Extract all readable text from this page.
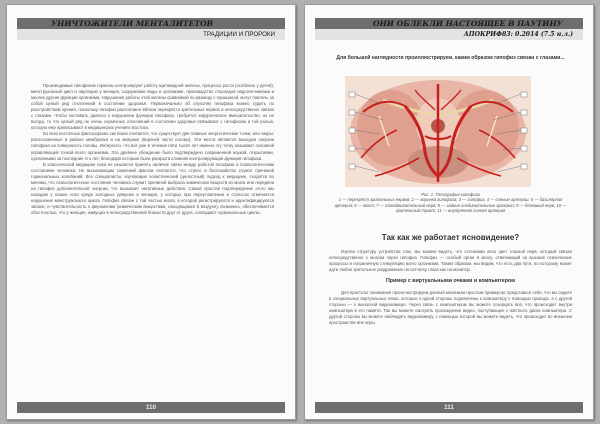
УНИЧТОЖИТЕЛИ МЕНТАЛИТЕТОВ
ТРАДИЦИИ И ПРОРОКИ

Производимые гипофизом гормоны контролируют работу щитовидной железы, процессы роста (особенно у детей), менструальный цикл и овуляцию у женщин, содержание воды в организме, производство стероидов надпочечниками и многие другие функции организма. Нарушения работы этой железы сравнимой по размеру с горошиной, могут повлечь за собой целый ряд отклонений в состоянии здоровья. Первоначально об опухолях гипофиза можно судить по расстройствам зрения, поскольку гипофиз расположен вблизи перекрёста зрительных нервов и непосредственно связан с глазами. Чтобы поставить диагноз о нарушении функции гипофиза, требуется хирургическое вмешательство, но не всегда, то что целый ряд не очень серьёзных отклонений в состоянии здоровья связывают с гипофизом и той ролью, которую ему приписывают в медицинских учениях Востока.

Во всех восточных философских системах считается, что существует две главных энергетические точки, или чакры: расположенные в районе межбровья и на макушке (верхней части головы). Эти места являются выходом энергии гипофиза на поверхность головы. Интересно, что вот уже в течение пяти тысяч лет именно эту точку называют основной управляющей точкой всего организма. Это древнее убеждение было подтверждено современной наукой, открытиями, сделанными за последние сто лет, благодаря которым была раскрыта сложная контролирующая функция гипофиза.

В классической медицине пока не решается принять наличие связи между работой гипофиза и психологическим состоянием человека. Не вызывающим сомнений фактом считается, что стресс и беспокойство служат причиной гормональных колебаний. Все специалисты, изучающие холистический (целостный) подход к медицине, сходятся во мнении, что психологическое состояние человека служит причиной выброса химических веществ из мозга или передачи на гипофиз дополнительной энергии, что вызывает негативные действия. Самой простой подтверждение этого мы находим у наших ноги среди холодных девушек и женщин, у которых при переутомлении и стрессах отмечается нарушение менструального цикла. Гипофиз связан с той частью мозга, в которой регистрируются и идентифицируются запахи, и чувствительность к феромонам (химическим веществам, находящимся в воздухе), возможно, обеспечивается обостностью, что у женщин, живущих в непосредственной близости друг от друга, совпадают гормональные циклы.

110
ОНИ ОБЛЕКЛИ НАСТОЯЩЕЕ В ПАУТИНУ
АПОКРИФ83: 0.2014 (7.5 н.л.)

Для большей наглядности проиллюстрируем, каким образом гипофиз связан с глазами...

Рис. 1. Топография гипофиза

1 — перекрёст зрительных нервов; 2 — воронка гипофиза; 3 — гипофиз; 4 — сонные артерии; 5 — базилярная артерия; 6 — мост; 7 — глазодвигательный нерв; 8 — задние соединительные артерии; 9 — блоковый нерв; 10 — зрительный тракт; 11 — внутренняя сонная артерия

Так как же работает ясновидение?

Изучая структуру устройства глаз, мы можем видеть, что оттенками ясно цвет глазной нерв, который связан непосредственно с мозгом через гипофиз. Гипофиз — особый орган в мозгу, отвечающий за высшие психические процессы и пограничную стимуляцию всего организма. Таким образом, мы видим, что есть два пути, по которому может идти любое зрительное раздражение на сетчатку глаза как на монитор.

Пример с виртуальными очками и компьютером

Для простоты понимания проиллюстрируем данный механизм простым примером: представьте себе, что вы сидите в специальных виртуальных очках, которые к одной стороны подключены к компьютеру с помощью провода, а с другой стороны — к выносной видеокамере. Через связь с компьютером вы можете созерцать всё, что происходит внутри компьютера в его памяти. Так вы можете смотреть прохождение видео, поступающее с жёсткого диска компьютера. С другой стороны вы можете наблюдать видеокамеру, с помощью которой вы можете видеть, что происходит во внешнем пространстве вне игры.

111
